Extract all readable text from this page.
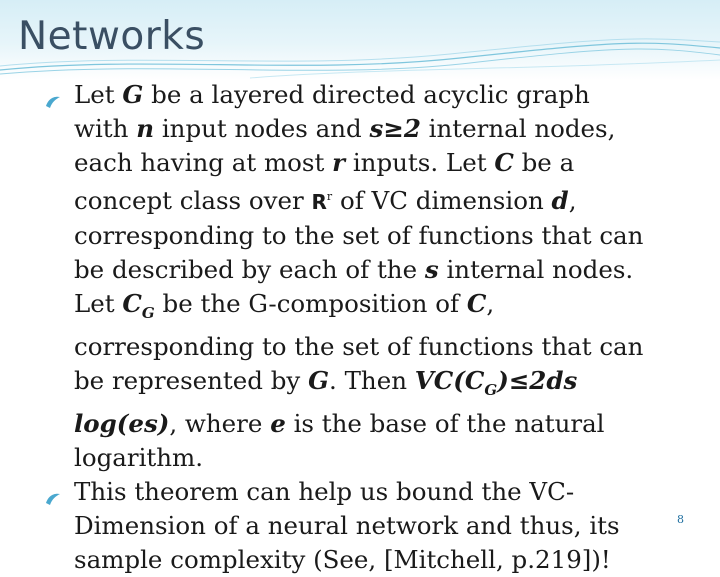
Networks
Let G be a layered directed acyclic graph with n input nodes and s≥2 internal nodes, each having at most r inputs. Let C be a concept class over $R^r$ of VC dimension d, corresponding to the set of functions that can be described by each of the s internal nodes. Let $C_G$ be the G-composition of C, corresponding to the set of functions that can be represented by G. Then $VC(C_G)\le 2ds$ log(es), where e is the base of the natural logarithm.
This theorem can help us bound the VC-Dimension of a neural network and thus, its sample complexity (See, [Mitchell, p.219])!
8
